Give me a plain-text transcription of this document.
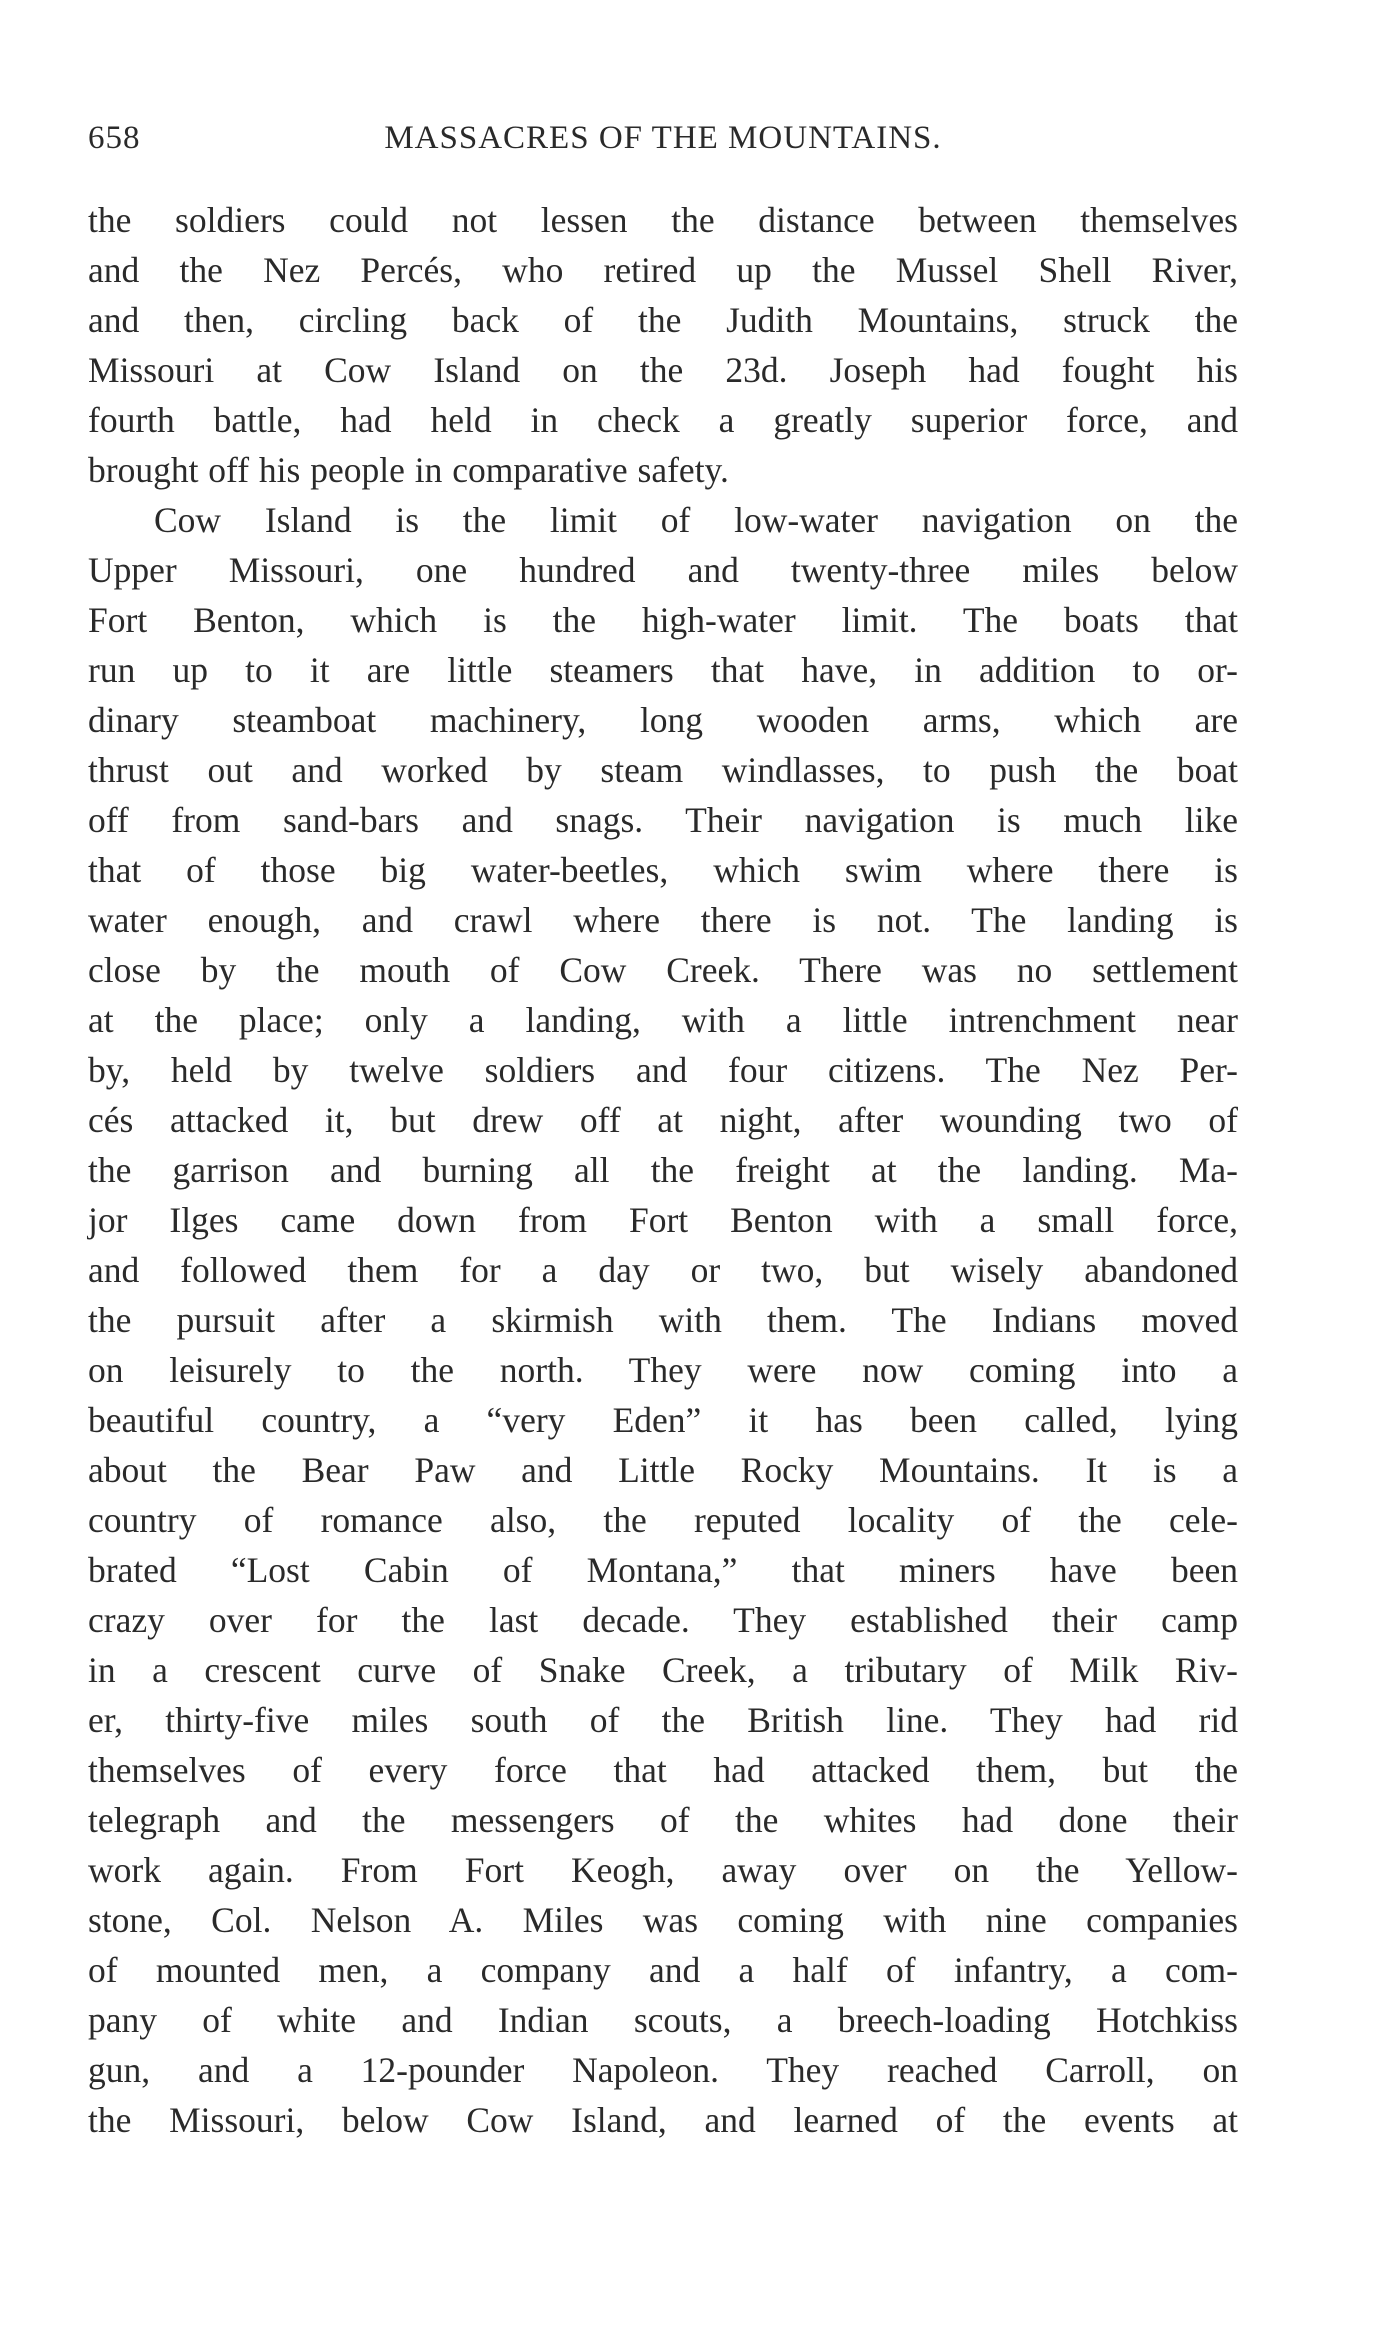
658	MASSACRES OF THE MOUNTAINS.
the soldiers could not lessen the distance between themselves
and the Nez Percés, who retired up the Mussel Shell River,
and then, circling back of the Judith Mountains, struck the
Missouri at Cow Island on the 23d. Joseph had fought his
fourth battle, had held in check a greatly superior force, and
brought off his people in comparative safety.
Cow Island is the limit of low-water navigation on the
Upper Missouri, one hundred and twenty-three miles below
Fort Benton, which is the high-water limit. The boats that
run up to it are little steamers that have, in addition to or-
dinary steamboat machinery, long wooden arms, which are
thrust out and worked by steam windlasses, to push the boat
off from sand-bars and snags. Their navigation is much like
that of those big water-beetles, which swim where there is
water enough, and crawl where there is not. The landing is
close by the mouth of Cow Creek. There was no settlement
at the place; only a landing, with a little intrenchment near
by, held by twelve soldiers and four citizens. The Nez Per-
cés attacked it, but drew off at night, after wounding two of
the garrison and burning all the freight at the landing. Ma-
jor Ilges came down from Fort Benton with a small force,
and followed them for a day or two, but wisely abandoned
the pursuit after a skirmish with them. The Indians moved
on leisurely to the north. They were now coming into a
beautiful country, a “very Eden” it has been called, lying
about the Bear Paw and Little Rocky Mountains. It is a
country of romance also, the reputed locality of the cele-
brated “Lost Cabin of Montana,” that miners have been
crazy over for the last decade. They established their camp
in a crescent curve of Snake Creek, a tributary of Milk Riv-
er, thirty-five miles south of the British line. They had rid
themselves of every force that had attacked them, but the
telegraph and the messengers of the whites had done their
work again. From Fort Keogh, away over on the Yellow-
stone, Col. Nelson A. Miles was coming with nine companies
of mounted men, a company and a half of infantry, a com-
pany of white and Indian scouts, a breech-loading Hotchkiss
gun, and a 12-pounder Napoleon. They reached Carroll, on
the Missouri, below Cow Island, and learned of the events at
